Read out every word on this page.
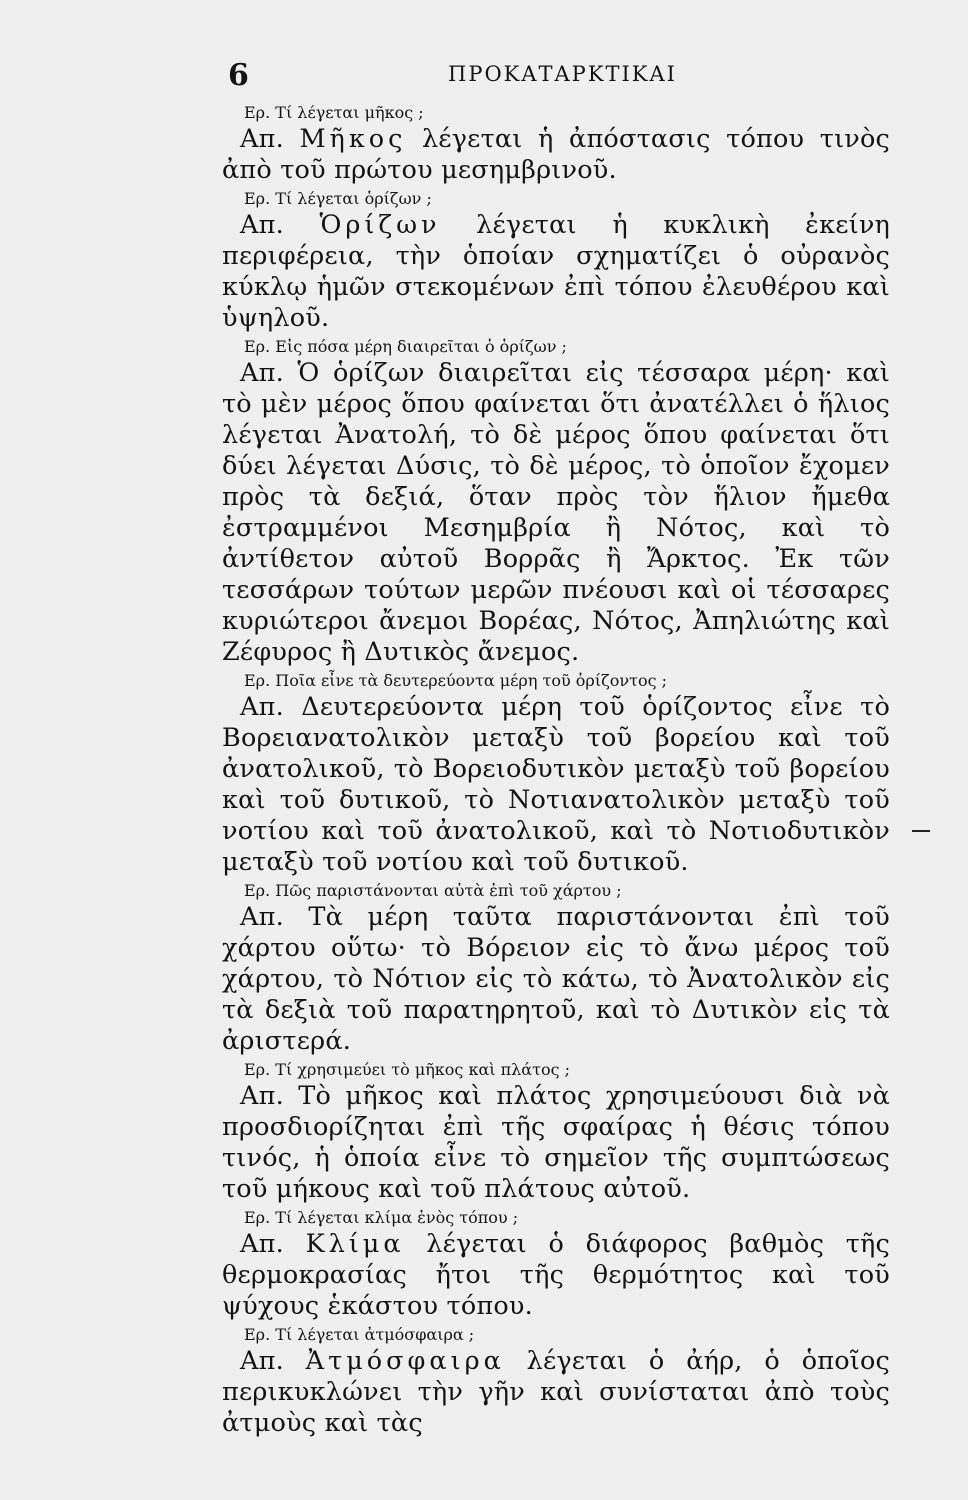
6	ΠΡΟΚΑΤΑΡΚΤΙΚΑΙ
Ερ. Τί λέγεται μῆκος ;
Απ. Μῆκος λέγεται ἡ ἀπόστασις τόπου τινὸς ἀπὸ τοῦ πρώτου μεσημβρινοῦ.
Ερ. Τί λέγεται ὁρίζων ;
Απ. Ὁρίζων λέγεται ἡ κυκλικὴ ἐκείνη περιφέρεια, τὴν ὁποίαν σχηματίζει ὁ οὐρανὸς κύκλῳ ἡμῶν στεκομένων ἐπὶ τόπου ἐλευθέρου καὶ ὑψηλοῦ.
Ερ. Εἰς πόσα μέρη διαιρεῖται ὁ ὁρίζων ;
Απ. Ὁ ὁρίζων διαιρεῖται εἰς τέσσαρα μέρη· καὶ τὸ μὲν μέρος ὅπου φαίνεται ὅτι ἀνατέλλει ὁ ἥλιος λέγεται Ἀνατολή, τὸ δὲ μέρος ὅπου φαίνεται ὅτι δύει λέγεται Δύσις, τὸ δὲ μέρος, τὸ ὁποῖον ἔχομεν πρὸς τὰ δεξιά, ὅταν πρὸς τὸν ἥλιον ἤμεθα ἐστραμμένοι Μεσημβρία ἢ Νότος, καὶ τὸ ἀντίθετον αὐτοῦ Βορρᾶς ἢ Ἄρκτος. Ἐκ τῶν τεσσάρων τούτων μερῶν πνέουσι καὶ οἱ τέσσαρες κυριώτεροι ἄνεμοι Βορέας, Νότος, Ἀπηλιώτης καὶ Ζέφυρος ἢ Δυτικὸς ἄνεμος.
Ερ. Ποῖα εἶνε τὰ δευτερεύοντα μέρη τοῦ ὁρίζοντος ;
Απ. Δευτερεύοντα μέρη τοῦ ὁρίζοντος εἶνε τὸ Βορειανατολικὸν μεταξὺ τοῦ βορείου καὶ τοῦ ἀνατολικοῦ, τὸ Βορειοδυτικὸν μεταξὺ τοῦ βορείου καὶ τοῦ δυτικοῦ, τὸ Νοτιανατολικὸν μεταξὺ τοῦ νοτίου καὶ τοῦ ἀνατολικοῦ, καὶ τὸ Νοτιοδυτικὸν μεταξὺ τοῦ νοτίου καὶ τοῦ δυτικοῦ.
Ερ. Πῶς παριστάνονται αὐτὰ ἐπὶ τοῦ χάρτου ;
Απ. Τὰ μέρη ταῦτα παριστάνονται ἐπὶ τοῦ χάρτου οὕτω· τὸ Βόρειον εἰς τὸ ἄνω μέρος τοῦ χάρτου, τὸ Νότιον εἰς τὸ κάτω, τὸ Ἀνατολικὸν εἰς τὰ δεξιὰ τοῦ παρατηρητοῦ, καὶ τὸ Δυτικὸν εἰς τὰ ἀριστερά.
Ερ. Τί χρησιμεύει τὸ μῆκος καὶ πλάτος ;
Απ. Τὸ μῆκος καὶ πλάτος χρησιμεύουσι διὰ νὰ προσδιορίζηται ἐπὶ τῆς σφαίρας ἡ θέσις τόπου τινός, ἡ ὁποία εἶνε τὸ σημεῖον τῆς συμπτώσεως τοῦ μήκους καὶ τοῦ πλάτους αὐτοῦ.
Ερ. Τί λέγεται κλίμα ἑνὸς τόπου ;
Απ. Κλίμα λέγεται ὁ διάφορος βαθμὸς τῆς θερμοκρασίας ἤτοι τῆς θερμότητος καὶ τοῦ ψύχους ἑκάστου τόπου.
Ερ. Τί λέγεται ἀτμόσφαιρα ;
Απ. Ἀτμόσφαιρα λέγεται ὁ ἀήρ, ὁ ὁποῖος περικυκλώνει τὴν γῆν καὶ συνίσταται ἀπὸ τοὺς ἀτμοὺς καὶ τὰς
